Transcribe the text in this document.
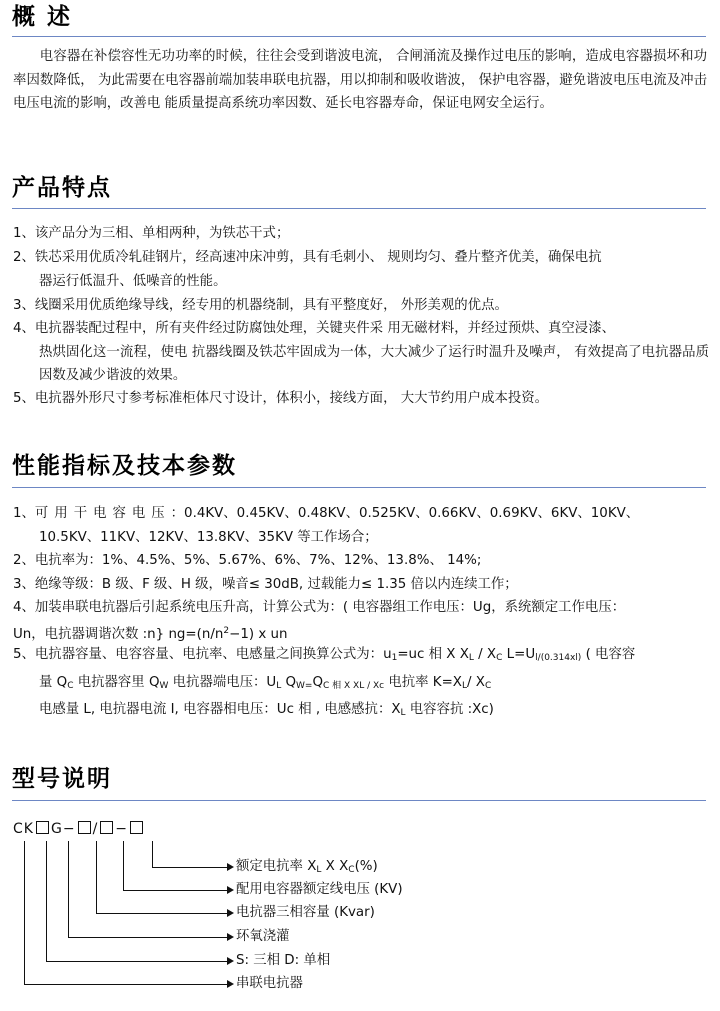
概 述
电容器在补偿容性无功功率的时候，往往会受到谐波电流， 合闸涌流及操作过电压的影响，造成电容器损坏和功率因数降低， 为此需要在电容器前端加装串联电抗器，用以抑制和吸收谐波， 保护电容器，避免谐波电压电流及冲击电压电流的影响，改善电 能质量提高系统功率因数、延长电容器寿命，保证电网安全运行。
产品特点
1、该产品分为三相、单相两种，为铁芯干式；
2、铁芯采用优质冷轧硅钢片，经高速冲床冲剪，具有毛刺小、 规则均匀、叠片整齐优美，确保电抗
器运行低温升、低噪音的性能。
3、线圈采用优质绝缘导线，经专用的机器绕制，具有平整度好， 外形美观的优点。
4、电抗器装配过程中，所有夹件经过防腐蚀处理，关键夹件采 用无磁材料，并经过预烘、真空浸漆、
热烘固化这一流程，使电 抗器线圈及铁芯牢固成为一体，大大减少了运行时温升及噪声， 有效提高了电抗器品质因数及减少谐波的效果。
5、电抗器外形尺寸参考标准柜体尺寸设计，体积小，接线方面， 大大节约用户成本投资。
性能指标及技本参数
1、可用干电容电压：0.4KV、0.45KV、0.48KV、0.525KV、0.66KV、0.69KV、6KV、10KV、
10.5KV、11KV、12KV、13.8KV、35KV 等工作场合；
2、电抗率为：1%、4.5%、5%、5.67%、6%、7%、12%、13.8%、 14%;
3、绝缘等级：B 级、F 级、H 级，噪音≤ 30dB, 过载能力≤ 1.35 倍以内连续工作；
4、加装串联电抗器后引起系统电压升高，计算公式为：( 电容器组工作电压：Ug，系统额定工作电压：
Un，电抗器调谐次数 :n} $ng=(n/n^2-1)$ x un
5、电抗器容量、电容容量、电抗率、电感量之间换算公式为：$u_1=uc$ 相 X $X_L / X_C$ $L=U_{l/(0.314xl)}$ ( 电容容
量 $Q_C$ 电抗器容里 $Q_W$ 电抗器端电压：$U_L$ $Q_{W=}Q_{C 相 X XL / Xc}$ 电抗率 $K=X_L/$ $X_C$
电感量 L, 电抗器电流 I, 电容器相电压：Uc 相 , 电感感抗：$X_L$ 电容容抗 :Xc)
型号说明
CK G− / −
额定电抗率 $X_L$ X $X_C(\%)$
配用电容器额定线电压 (KV)
电抗器三相容量 (Kvar)
环氧浇灌
S: 三相 D: 单相
串联电抗器
